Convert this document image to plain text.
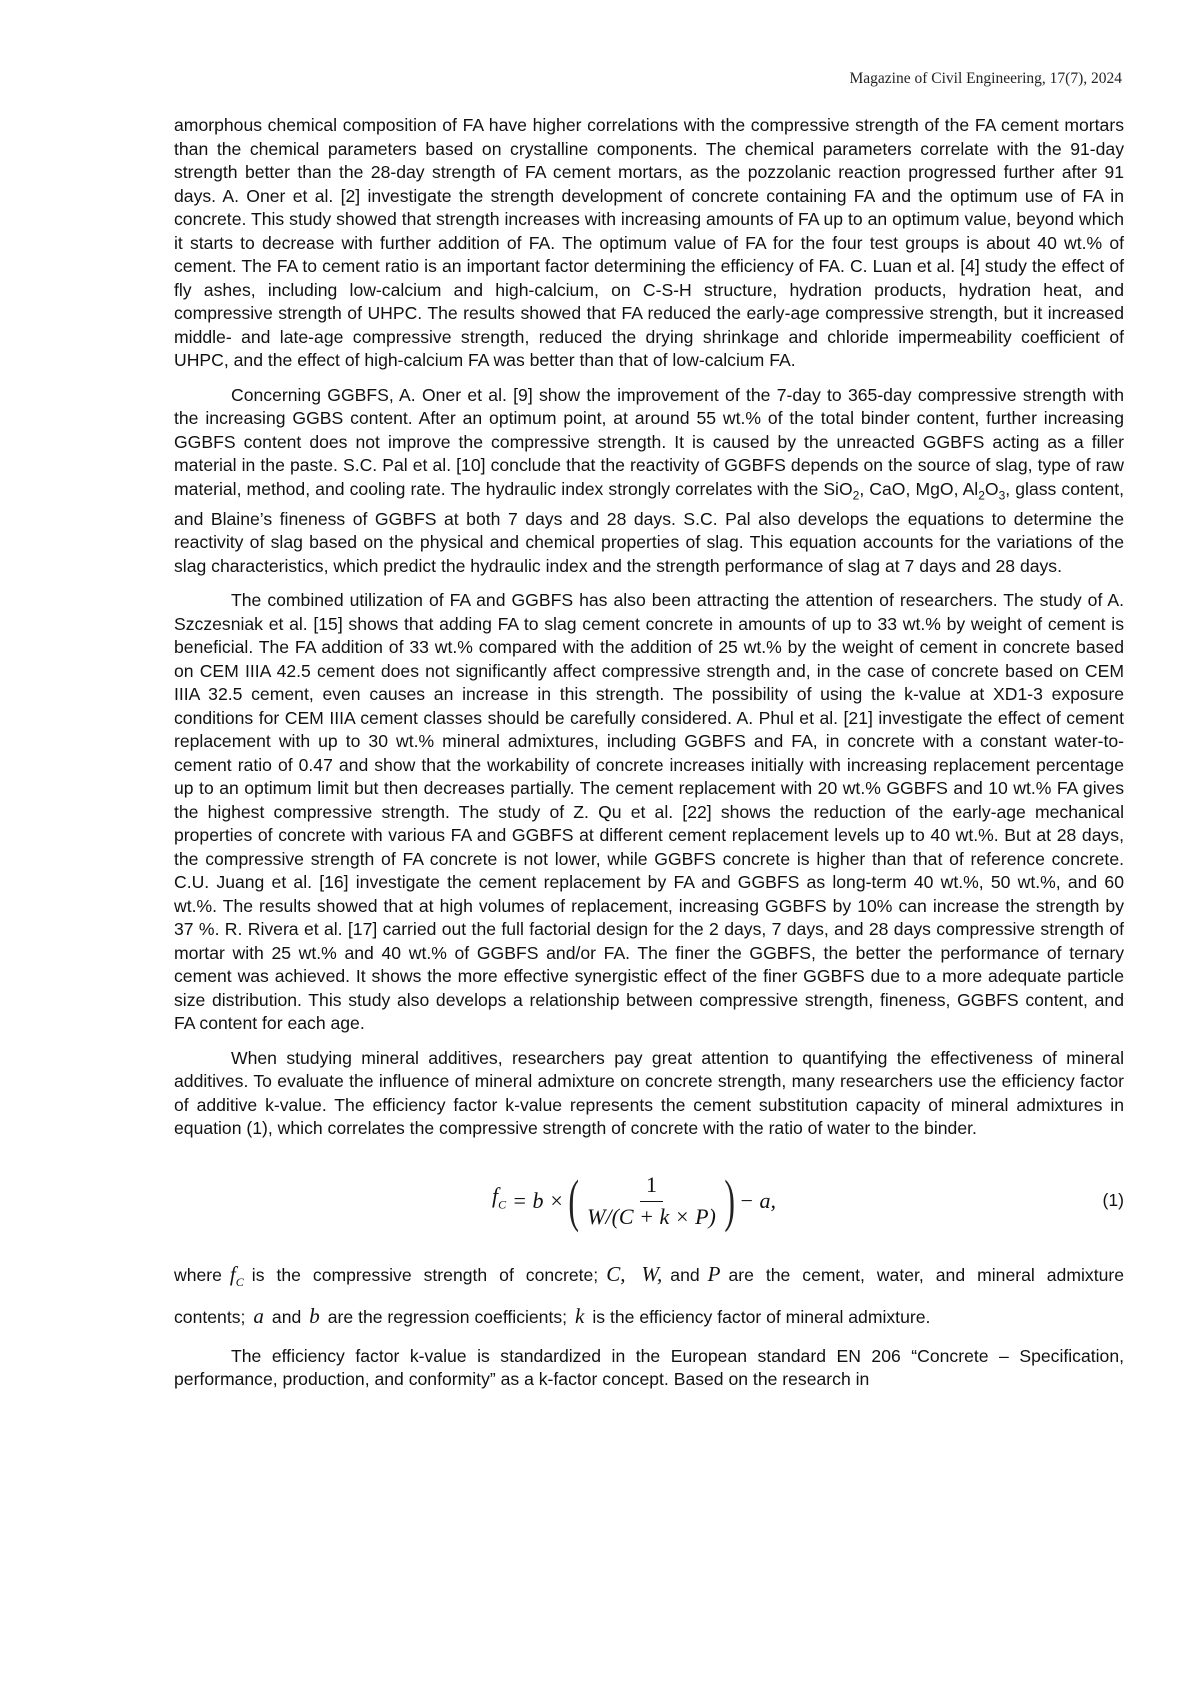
Magazine of Civil Engineering, 17(7), 2024

amorphous chemical composition of FA have higher correlations with the compressive strength of the FA cement mortars than the chemical parameters based on crystalline components. The chemical parameters correlate with the 91-day strength better than the 28-day strength of FA cement mortars, as the pozzolanic reaction progressed further after 91 days. A. Oner et al. [2] investigate the strength development of concrete containing FA and the optimum use of FA in concrete. This study showed that strength increases with increasing amounts of FA up to an optimum value, beyond which it starts to decrease with further addition of FA. The optimum value of FA for the four test groups is about 40 wt.% of cement. The FA to cement ratio is an important factor determining the efficiency of FA. C. Luan et al. [4] study the effect of fly ashes, including low-calcium and high-calcium, on C-S-H structure, hydration products, hydration heat, and compressive strength of UHPC. The results showed that FA reduced the early-age compressive strength, but it increased middle- and late-age compressive strength, reduced the drying shrinkage and chloride impermeability coefficient of UHPC, and the effect of high-calcium FA was better than that of low-calcium FA.

Concerning GGBFS, A. Oner et al. [9] show the improvement of the 7-day to 365-day compressive strength with the increasing GGBS content. After an optimum point, at around 55 wt.% of the total binder content, further increasing GGBFS content does not improve the compressive strength. It is caused by the unreacted GGBFS acting as a filler material in the paste. S.C. Pal et al. [10] conclude that the reactivity of GGBFS depends on the source of slag, type of raw material, method, and cooling rate. The hydraulic index strongly correlates with the SiO$_2$, CaO, MgO, $Al_2O_3$, glass content, and Blaine’s fineness of GGBFS at both 7 days and 28 days. S.C. Pal also develops the equations to determine the reactivity of slag based on the physical and chemical properties of slag. This equation accounts for the variations of the slag characteristics, which predict the hydraulic index and the strength performance of slag at 7 days and 28 days.

The combined utilization of FA and GGBFS has also been attracting the attention of researchers. The study of A. Szczesniak et al. [15] shows that adding FA to slag cement concrete in amounts of up to 33 wt.% by weight of cement is beneficial. The FA addition of 33 wt.% compared with the addition of 25 wt.% by the weight of cement in concrete based on CEM IIIA 42.5 cement does not significantly affect compressive strength and, in the case of concrete based on CEM IIIA 32.5 cement, even causes an increase in this strength. The possibility of using the k-value at XD1-3 exposure conditions for CEM IIIA cement classes should be carefully considered. A. Phul et al. [21] investigate the effect of cement replacement with up to 30 wt.% mineral admixtures, including GGBFS and FA, in concrete with a constant water-to-cement ratio of 0.47 and show that the workability of concrete increases initially with increasing replacement percentage up to an optimum limit but then decreases partially. The cement replacement with 20 wt.% GGBFS and 10 wt.% FA gives the highest compressive strength. The study of Z. Qu et al. [22] shows the reduction of the early-age mechanical properties of concrete with various FA and GGBFS at different cement replacement levels up to 40 wt.%. But at 28 days, the compressive strength of FA concrete is not lower, while GGBFS concrete is higher than that of reference concrete. C.U. Juang et al. [16] investigate the cement replacement by FA and GGBFS as long-term 40 wt.%, 50 wt.%, and 60 wt.%. The results showed that at high volumes of replacement, increasing GGBFS by 10% can increase the strength by 37 %. R. Rivera et al. [17] carried out the full factorial design for the 2 days, 7 days, and 28 days compressive strength of mortar with 25 wt.% and 40 wt.% of GGBFS and/or FA. The finer the GGBFS, the better the performance of ternary cement was achieved. It shows the more effective synergistic effect of the finer GGBFS due to a more adequate particle size distribution. This study also develops a relationship between compressive strength, fineness, GGBFS content, and FA content for each age.

When studying mineral additives, researchers pay great attention to quantifying the effectiveness of mineral additives. To evaluate the influence of mineral admixture on concrete strength, many researchers use the efficiency factor of additive k-value. The efficiency factor k-value represents the cement substitution capacity of mineral admixtures in equation (1), which correlates the compressive strength of concrete with the ratio of water to the binder.

$f_C = b$ × ( $\frac{1}{W/(C + k \times P)}$ ) − a,	(1)

where $f_C$ is the compressive strength of concrete; C, W, and P are the cement, water, and mineral admixture contents; a and b are the regression coefficients; k is the efficiency factor of mineral admixture.

The efficiency factor k-value is standardized in the European standard EN 206 “Concrete – Specification, performance, production, and conformity” as a k-factor concept. Based on the research in
